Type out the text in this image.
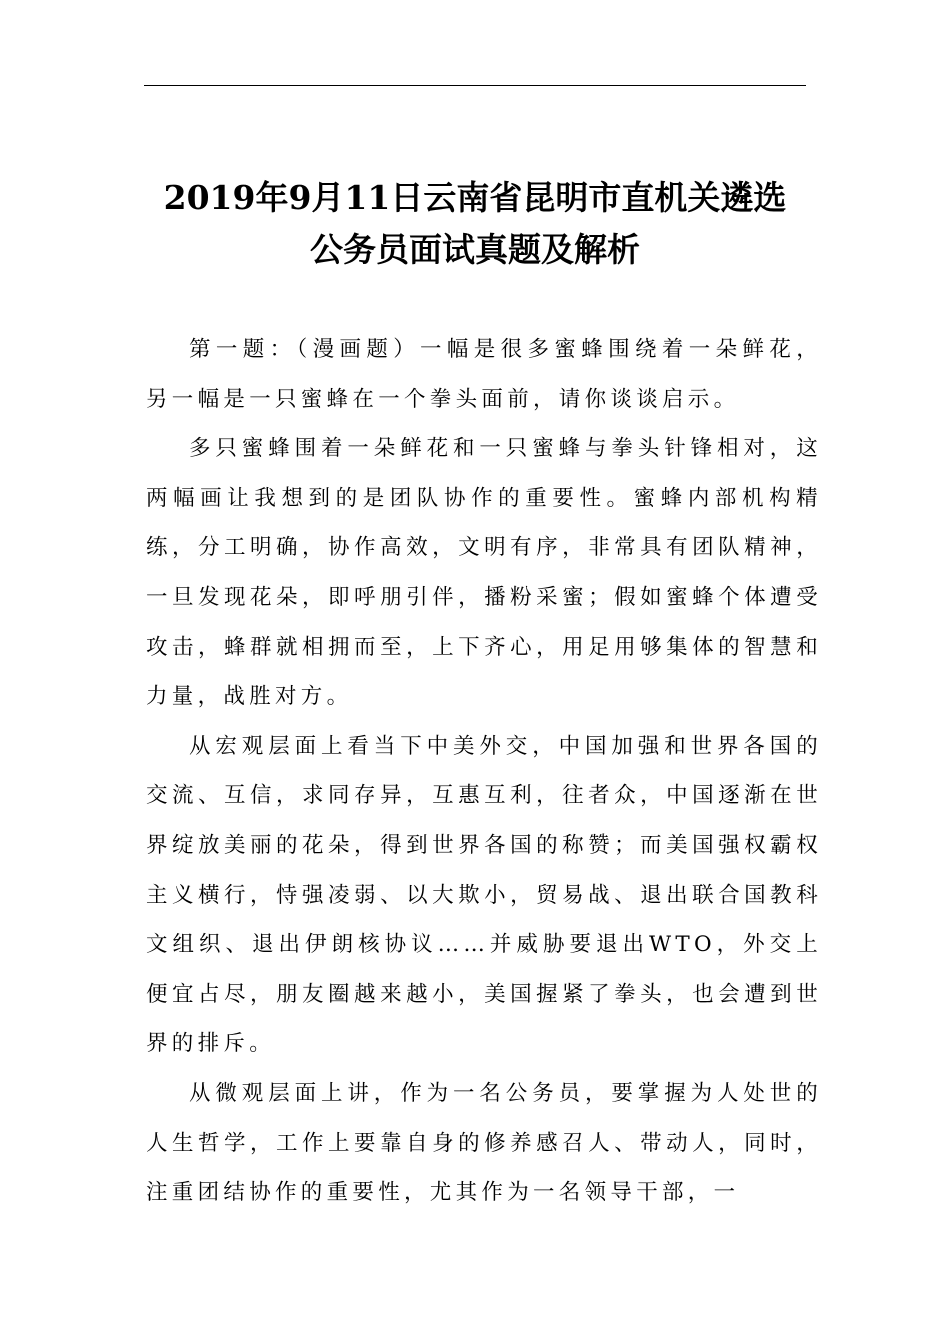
2019年9月11日云南省昆明市直机关遴选
公务员面试真题及解析

第一题：（漫画题）一幅是很多蜜蜂围绕着一朵鲜花，另一幅是一只蜜蜂在一个拳头面前，请你谈谈启示。

多只蜜蜂围着一朵鲜花和一只蜜蜂与拳头针锋相对，这两幅画让我想到的是团队协作的重要性。蜜蜂内部机构精练，分工明确，协作高效，文明有序，非常具有团队精神，一旦发现花朵，即呼朋引伴，播粉采蜜；假如蜜蜂个体遭受攻击，蜂群就相拥而至，上下齐心，用足用够集体的智慧和力量，战胜对方。

从宏观层面上看当下中美外交，中国加强和世界各国的交流、互信，求同存异，互惠互利，往者众，中国逐渐在世界绽放美丽的花朵，得到世界各国的称赞；而美国强权霸权主义横行，恃强凌弱、以大欺小，贸易战、退出联合国教科文组织、退出伊朗核协议……并威胁要退出WTO，外交上便宜占尽，朋友圈越来越小，美国握紧了拳头，也会遭到世界的排斥。

从微观层面上讲，作为一名公务员，要掌握为人处世的人生哲学，工作上要靠自身的修养感召人、带动人，同时，注重团结协作的重要性，尤其作为一名领导干部，一
